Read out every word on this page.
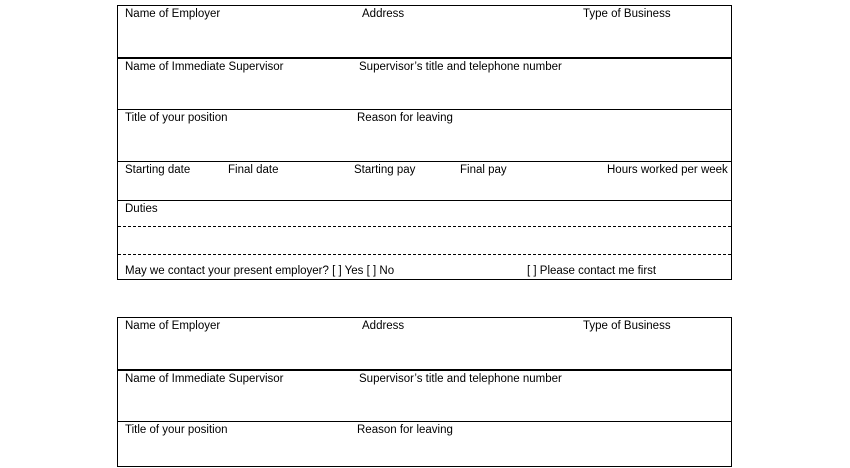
Name of Employer	Address	Type of Business
Name of Immediate Supervisor	Supervisor’s title and telephone number
Title of your position	Reason for leaving
Starting date	Final date	Starting pay	Final pay	Hours worked per week
Duties
May we contact your present employer? [ ] Yes [ ] No	[ ] Please contact me first
Name of Employer	Address	Type of Business
Name of Immediate Supervisor	Supervisor’s title and telephone number
Title of your position	Reason for leaving
